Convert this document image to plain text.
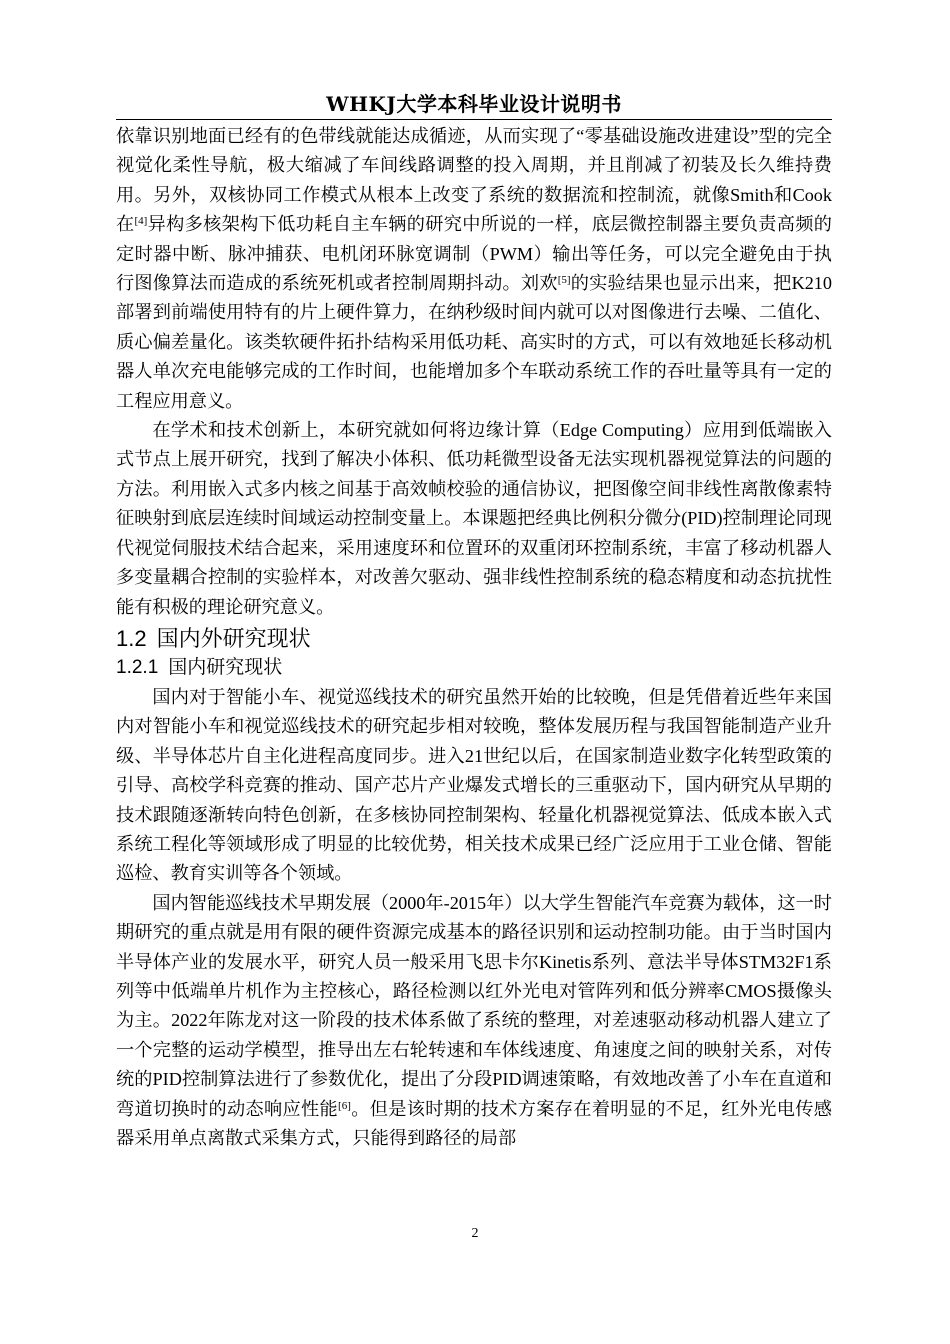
WHKJ大学本科毕业设计说明书

依靠识别地面已经有的色带线就能达成循迹，从而实现了“零基础设施改进建设”型的完全视觉化柔性导航，极大缩减了车间线路调整的投入周期，并且削减了初装及长久维持费用。另外，双核协同工作模式从根本上改变了系统的数据流和控制流，就像Smith和Cook在[4]异构多核架构下低功耗自主车辆的研究中所说的一样，底层微控制器主要负责高频的定时器中断、脉冲捕获、电机闭环脉宽调制（PWM）输出等任务，可以完全避免由于执行图像算法而造成的系统死机或者控制周期抖动。刘欢[5]的实验结果也显示出来，把K210部署到前端使用特有的片上硬件算力，在纳秒级时间内就可以对图像进行去噪、二值化、质心偏差量化。该类软硬件拓扑结构采用低功耗、高实时的方式，可以有效地延长移动机器人单次充电能够完成的工作时间，也能增加多个车联动系统工作的吞吐量等具有一定的工程应用意义。

在学术和技术创新上，本研究就如何将边缘计算（Edge Computing）应用到低端嵌入式节点上展开研究，找到了解决小体积、低功耗微型设备无法实现机器视觉算法的问题的方法。利用嵌入式多内核之间基于高效帧校验的通信协议，把图像空间非线性离散像素特征映射到底层连续时间域运动控制变量上。本课题把经典比例积分微分(PID)控制理论同现代视觉伺服技术结合起来，采用速度环和位置环的双重闭环控制系统，丰富了移动机器人多变量耦合控制的实验样本，对改善欠驱动、强非线性控制系统的稳态精度和动态抗扰性能有积极的理论研究意义。

1.2 国内外研究现状
1.2.1 国内研究现状

国内对于智能小车、视觉巡线技术的研究虽然开始的比较晚，但是凭借着近些年来国内对智能小车和视觉巡线技术的研究起步相对较晚，整体发展历程与我国智能制造产业升级、半导体芯片自主化进程高度同步。进入21世纪以后，在国家制造业数字化转型政策的引导、高校学科竞赛的推动、国产芯片产业爆发式增长的三重驱动下，国内研究从早期的技术跟随逐渐转向特色创新，在多核协同控制架构、轻量化机器视觉算法、低成本嵌入式系统工程化等领域形成了明显的比较优势，相关技术成果已经广泛应用于工业仓储、智能巡检、教育实训等各个领域。

国内智能巡线技术早期发展（2000年-2015年）以大学生智能汽车竞赛为载体，这一时期研究的重点就是用有限的硬件资源完成基本的路径识别和运动控制功能。由于当时国内半导体产业的发展水平，研究人员一般采用飞思卡尔Kinetis系列、意法半导体STM32F1系列等中低端单片机作为主控核心，路径检测以红外光电对管阵列和低分辨率CMOS摄像头为主。2022年陈龙对这一阶段的技术体系做了系统的整理，对差速驱动移动机器人建立了一个完整的运动学模型，推导出左右轮转速和车体线速度、角速度之间的映射关系，对传统的PID控制算法进行了参数优化，提出了分段PID调速策略，有效地改善了小车在直道和弯道切换时的动态响应性能[6]。但是该时期的技术方案存在着明显的不足，红外光电传感器采用单点离散式采集方式，只能得到路径的局部

2
